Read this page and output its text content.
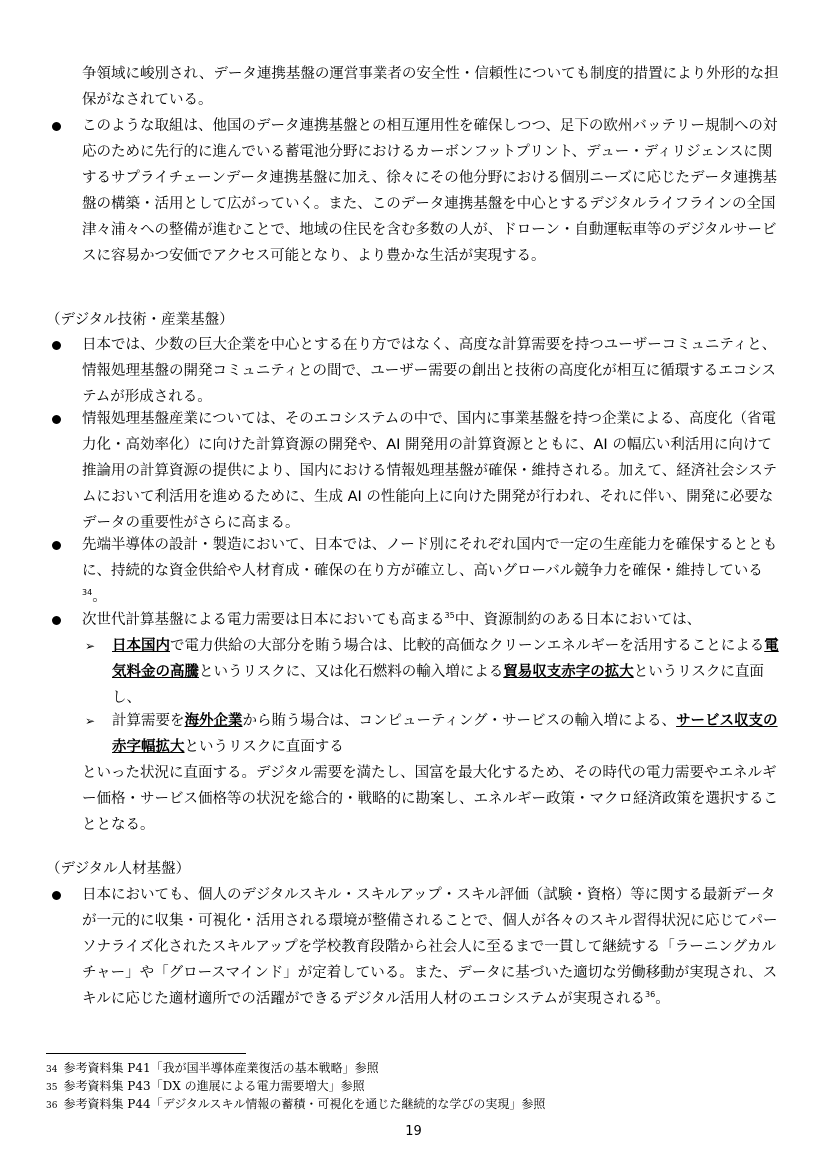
争領域に峻別され、データ連携基盤の運営事業者の安全性・信頼性についても制度的措置により外形的な担保がなされている。
このような取組は、他国のデータ連携基盤との相互運用性を確保しつつ、足下の欧州バッテリー規制への対応のために先行的に進んでいる蓄電池分野におけるカーボンフットプリント、デュー・ディリジェンスに関するサプライチェーンデータ連携基盤に加え、徐々にその他分野における個別ニーズに応じたデータ連携基盤の構築・活用として広がっていく。また、このデータ連携基盤を中心とするデジタルライフラインの全国津々浦々への整備が進むことで、地域の住民を含む多数の人が、ドローン・自動運転車等のデジタルサービスに容易かつ安価でアクセス可能となり、より豊かな生活が実現する。
（デジタル技術・産業基盤）
日本では、少数の巨大企業を中心とする在り方ではなく、高度な計算需要を持つユーザーコミュニティと、情報処理基盤の開発コミュニティとの間で、ユーザー需要の創出と技術の高度化が相互に循環するエコシステムが形成される。
情報処理基盤産業については、そのエコシステムの中で、国内に事業基盤を持つ企業による、高度化（省電力化・高効率化）に向けた計算資源の開発や、AI 開発用の計算資源とともに、AI の幅広い利活用に向けて推論用の計算資源の提供により、国内における情報処理基盤が確保・維持される。加えて、経済社会システムにおいて利活用を進めるために、生成 AI の性能向上に向けた開発が行われ、それに伴い、開発に必要なデータの重要性がさらに高まる。
先端半導体の設計・製造において、日本では、ノード別にそれぞれ国内で一定の生産能力を確保するとともに、持続的な資金供給や人材育成・確保の在り方が確立し、高いグローバル競争力を確保・維持している$^{34}$。
次世代計算基盤による電力需要は日本においても高まる$^{35}$中、資源制約のある日本においては、
➢ 日本国内で電力供給の大部分を賄う場合は、比較的高価なクリーンエネルギーを活用することによる電気料金の高騰というリスクに、又は化石燃料の輸入増による貿易収支赤字の拡大というリスクに直面し、
➢ 計算需要を海外企業から賄う場合は、コンピューティング・サービスの輸入増による、サービス収支の赤字幅拡大というリスクに直面する
といった状況に直面する。デジタル需要を満たし、国富を最大化するため、その時代の電力需要やエネルギー価格・サービス価格等の状況を総合的・戦略的に勘案し、エネルギー政策・マクロ経済政策を選択することとなる。
（デジタル人材基盤）
日本においても、個人のデジタルスキル・スキルアップ・スキル評価（試験・資格）等に関する最新データが一元的に収集・可視化・活用される環境が整備されることで、個人が各々のスキル習得状況に応じてパーソナライズ化されたスキルアップを学校教育段階から社会人に至るまで一貫して継続する「ラーニングカルチャー」や「グロースマインド」が定着している。また、データに基づいた適切な労働移動が実現され、スキルに応じた適材適所での活躍ができるデジタル活用人材のエコシステムが実現される$^{36}$。
34 参考資料集 P41「我が国半導体産業復活の基本戦略」参照
35 参考資料集 P43「DX の進展による電力需要増大」参照
36 参考資料集 P44「デジタルスキル情報の蓄積・可視化を通じた継続的な学びの実現」参照
19
